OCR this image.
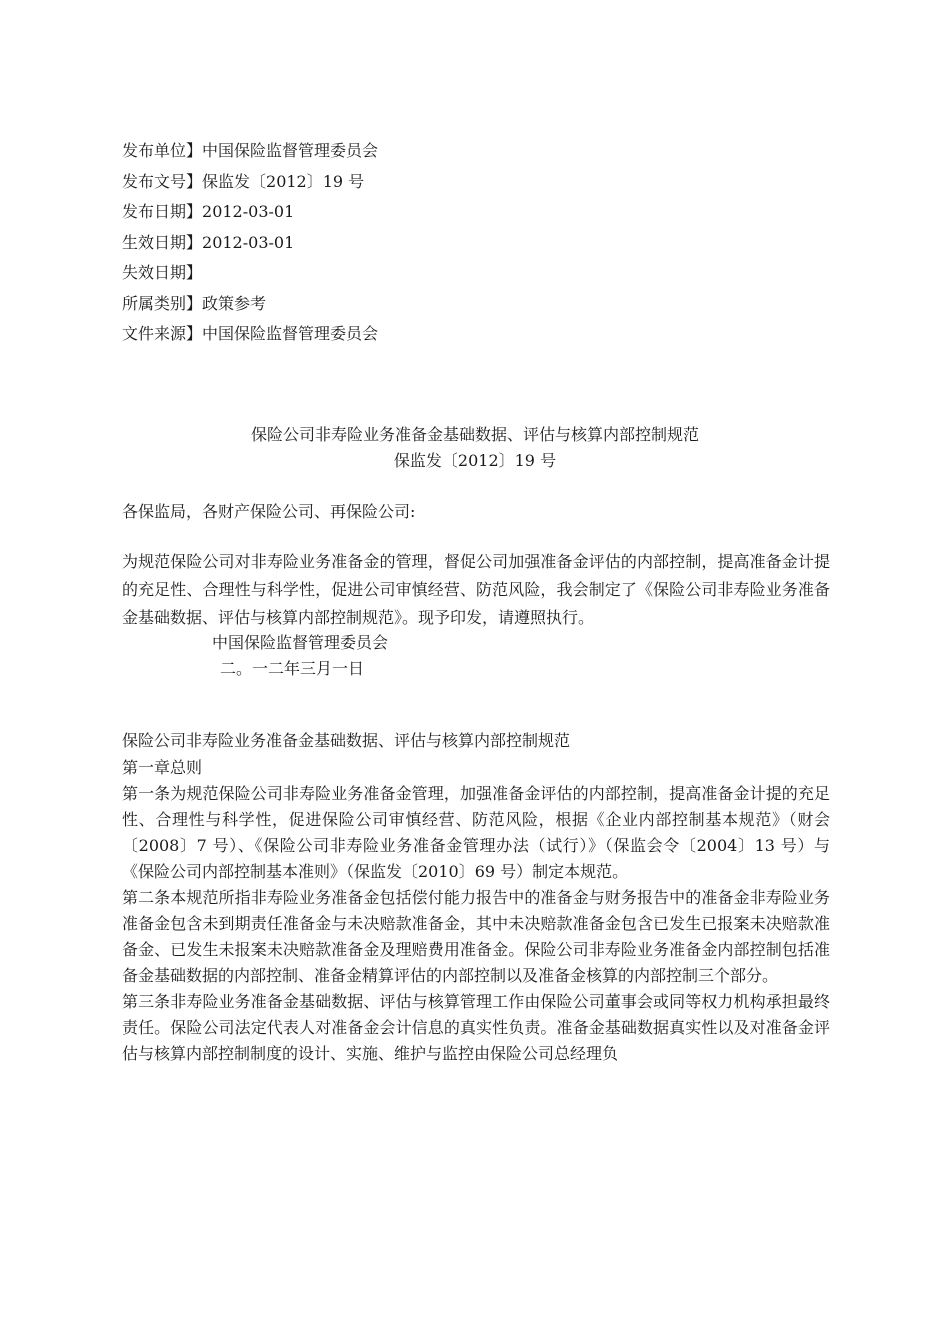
发布单位】中国保险监督管理委员会
发布文号】保监发〔2012〕19 号
发布日期】2012-03-01
生效日期】2012-03-01
失效日期】
所属类别】政策参考
文件来源】中国保险监督管理委员会
保险公司非寿险业务准备金基础数据、评估与核算内部控制规范
保监发〔2012〕19 号
各保监局，各财产保险公司、再保险公司:
为规范保险公司对非寿险业务准备金的管理，督促公司加强准备金评估的内部控制，提高准备金计提的充足性、合理性与科学性，促进公司审慎经营、防范风险，我会制定了《保险公司非寿险业务准备金基础数据、评估与核算内部控制规范》。现予印发，请遵照执行。
中国保险监督管理委员会
二。一二年三月一日
保险公司非寿险业务准备金基础数据、评估与核算内部控制规范
第一章总则
第一条为规范保险公司非寿险业务准备金管理，加强准备金评估的内部控制，提高准备金计提的充足性、合理性与科学性，促进保险公司审慎经营、防范风险，根据《企业内部控制基本规范》（财会〔2008〕7 号）、《保险公司非寿险业务准备金管理办法（试行）》（保监会令〔2004〕13 号）与《保险公司内部控制基本准则》（保监发〔2010〕69 号）制定本规范。
第二条本规范所指非寿险业务准备金包括偿付能力报告中的准备金与财务报告中的准备金非寿险业务准备金包含未到期责任准备金与未决赔款准备金，其中未决赔款准备金包含已发生已报案未决赔款准备金、已发生未报案未决赔款准备金及理赔费用准备金。保险公司非寿险业务准备金内部控制包括准备金基础数据的内部控制、准备金精算评估的内部控制以及准备金核算的内部控制三个部分。
第三条非寿险业务准备金基础数据、评估与核算管理工作由保险公司董事会或同等权力机构承担最终责任。保险公司法定代表人对准备金会计信息的真实性负责。准备金基础数据真实性以及对准备金评估与核算内部控制制度的设计、实施、维护与监控由保险公司总经理负
